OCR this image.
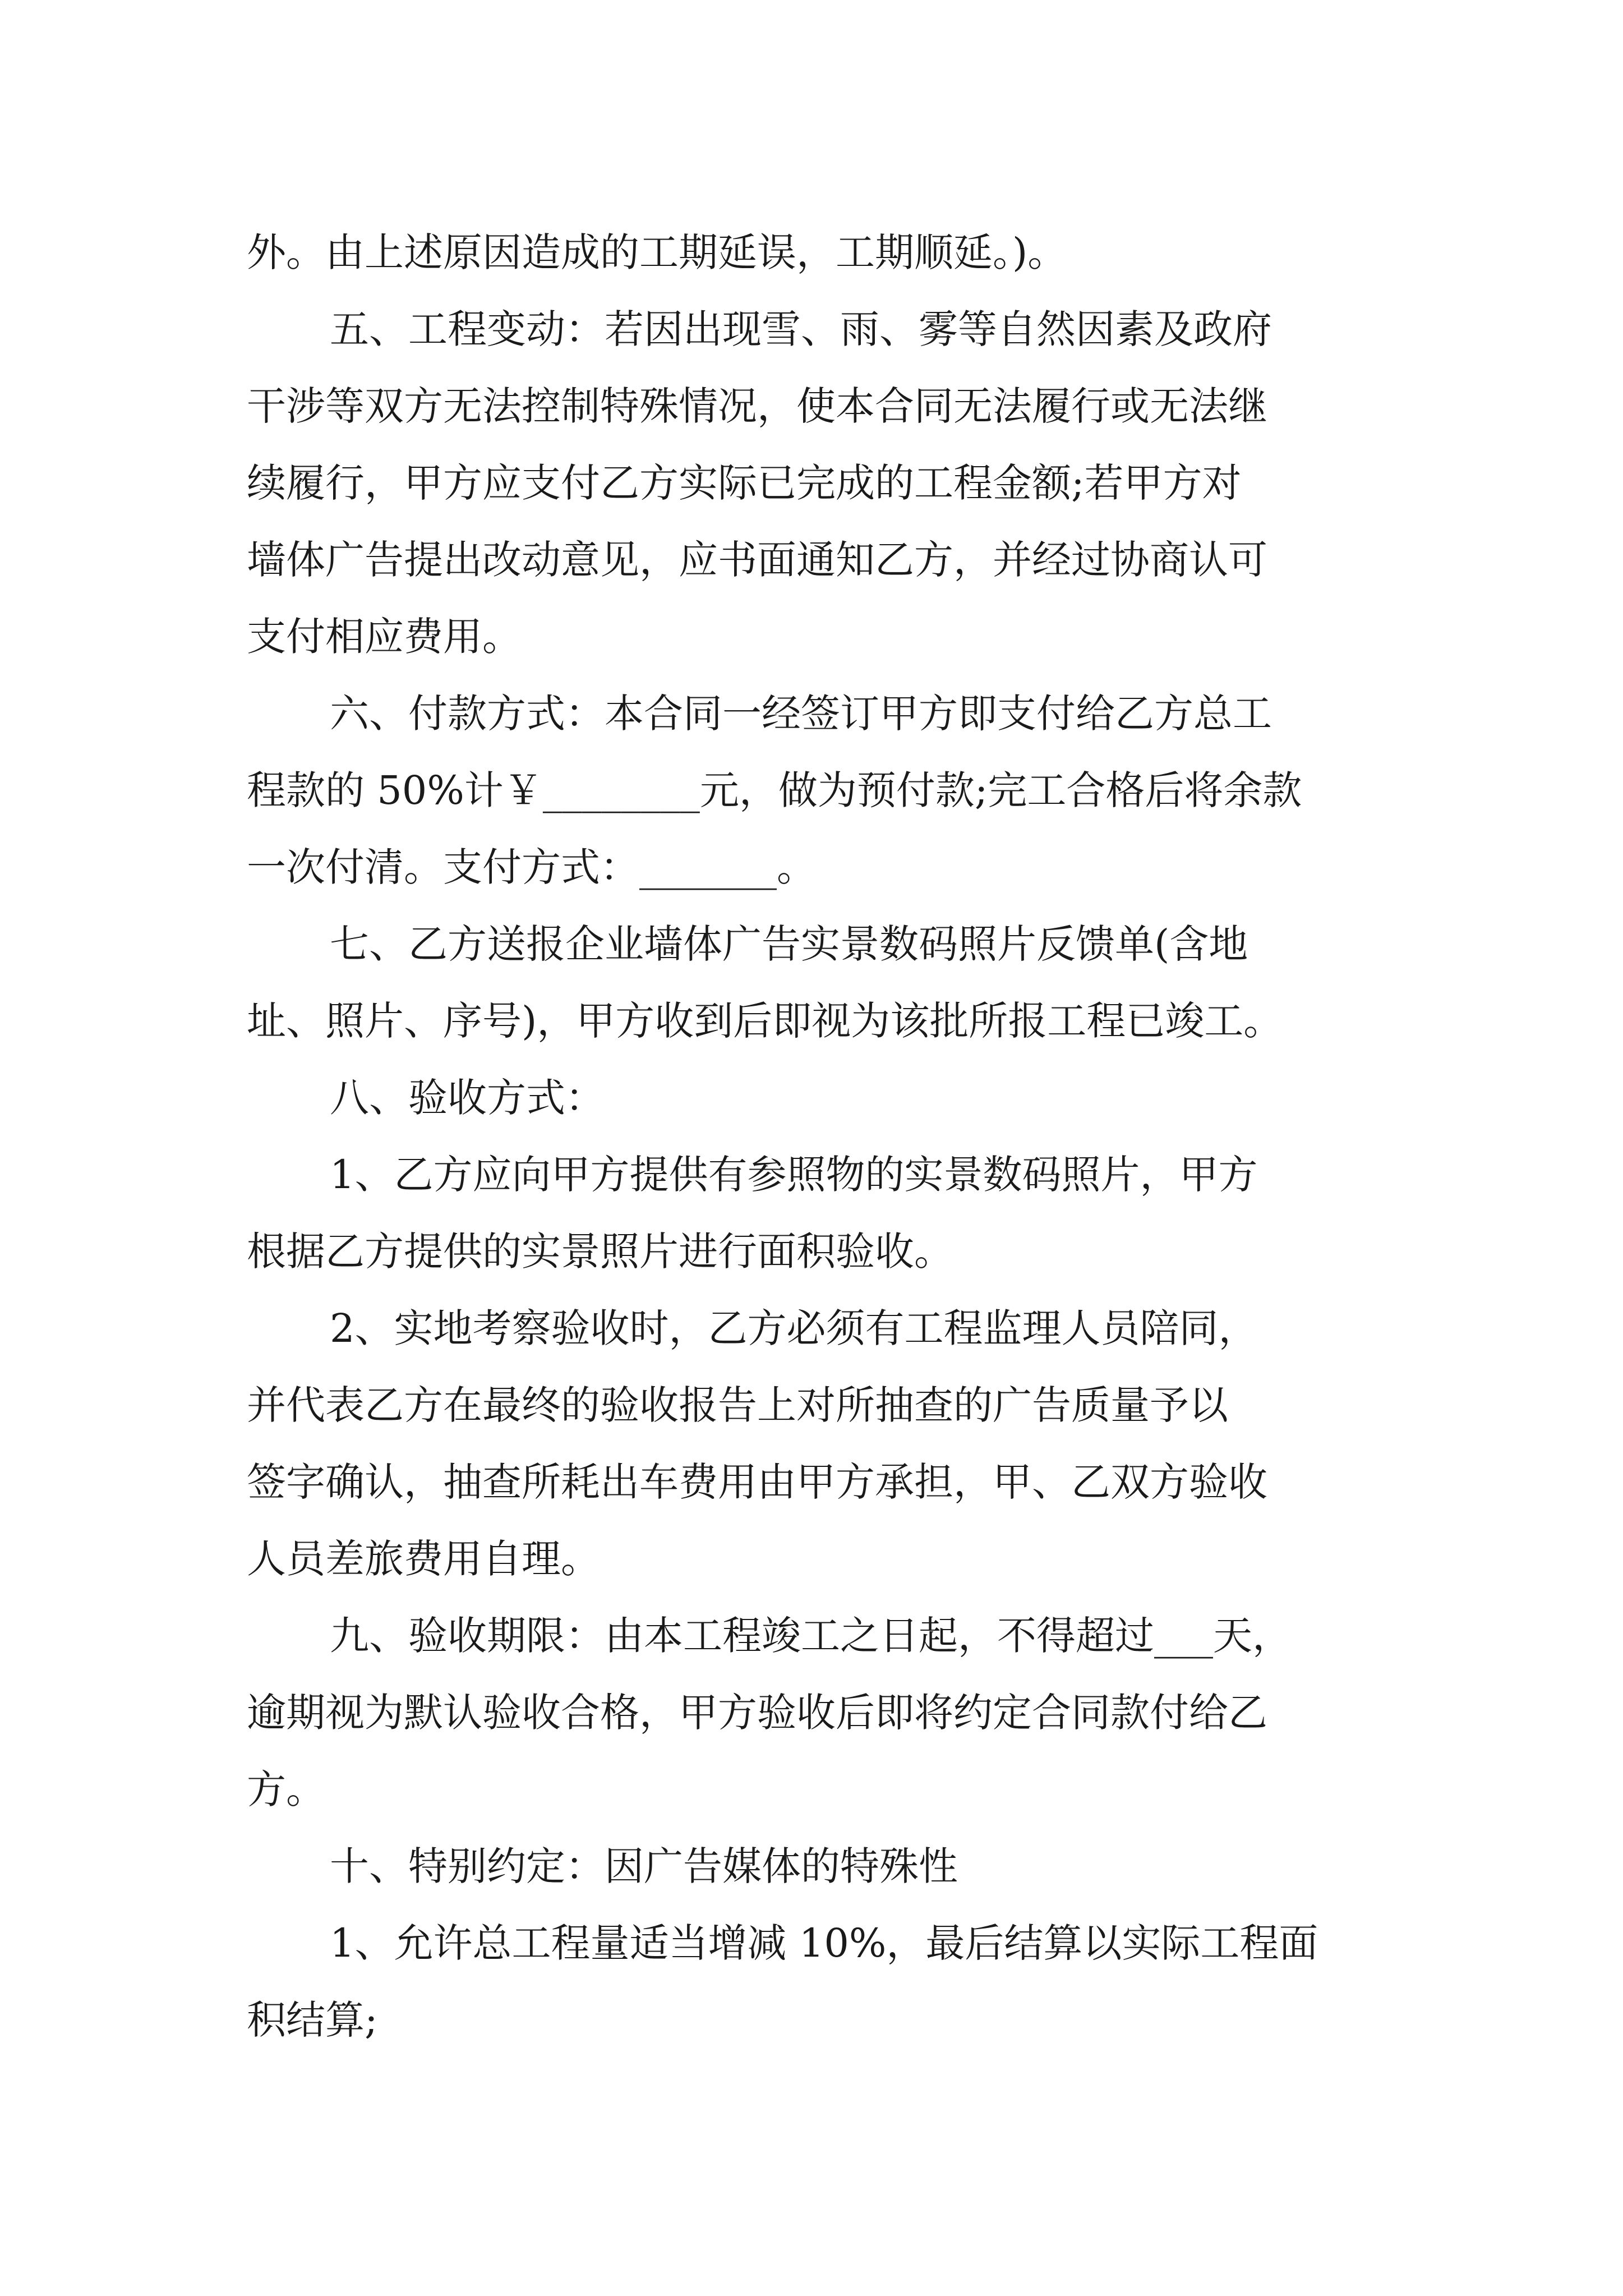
外。由上述原因造成的工期延误，工期顺延。)。
五、工程变动：若因出现雪、雨、雾等自然因素及政府
干涉等双方无法控制特殊情况，使本合同无法履行或无法继
续履行，甲方应支付乙方实际已完成的工程金额;若甲方对
墙体广告提出改动意见，应书面通知乙方，并经过协商认可
支付相应费用。
六、付款方式：本合同一经签订甲方即支付给乙方总工
程款的 50%计￥________元，做为预付款;完工合格后将余款
一次付清。支付方式：_______。
七、乙方送报企业墙体广告实景数码照片反馈单(含地
址、照片、序号)，甲方收到后即视为该批所报工程已竣工。
八、验收方式：
1、乙方应向甲方提供有参照物的实景数码照片，甲方
根据乙方提供的实景照片进行面积验收。
2、实地考察验收时，乙方必须有工程监理人员陪同，
并代表乙方在最终的验收报告上对所抽查的广告质量予以
签字确认，抽查所耗出车费用由甲方承担，甲、乙双方验收
人员差旅费用自理。
九、验收期限：由本工程竣工之日起，不得超过___天，
逾期视为默认验收合格，甲方验收后即将约定合同款付给乙
方。
十、特别约定：因广告媒体的特殊性
1、允许总工程量适当增减 10%，最后结算以实际工程面
积结算;
